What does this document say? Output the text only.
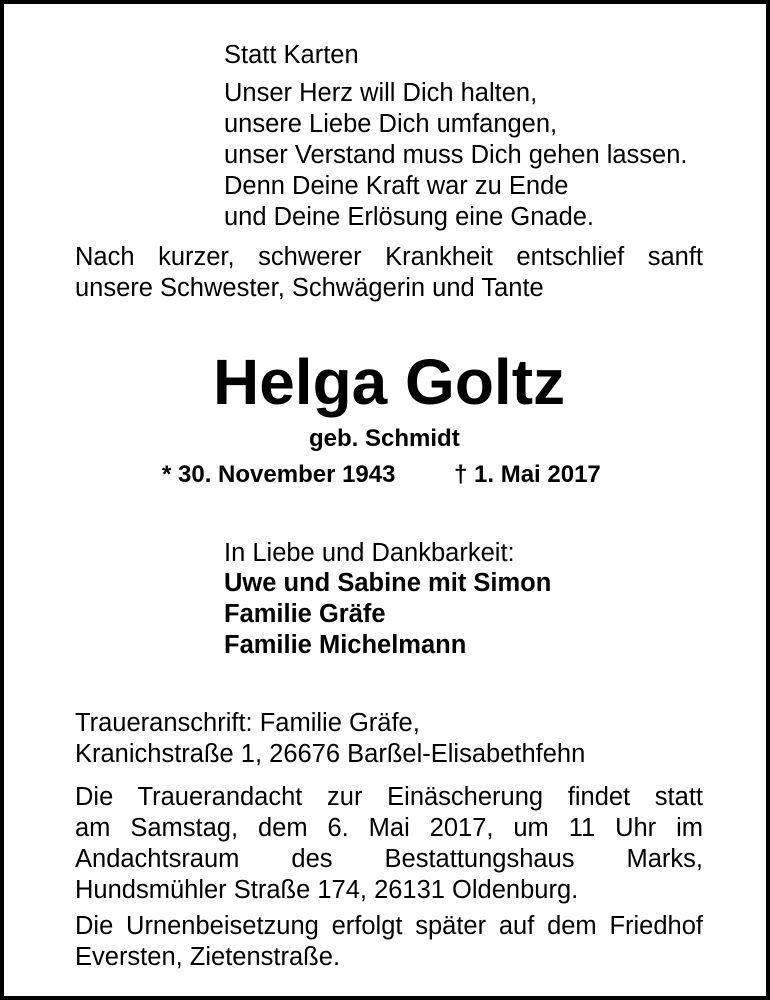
Statt Karten
Unser Herz will Dich halten,
unsere Liebe Dich umfangen,
unser Verstand muss Dich gehen lassen.
Denn Deine Kraft war zu Ende
und Deine Erlösung eine Gnade.
Nach kurzer, schwerer Krankheit entschlief sanft
unsere Schwester, Schwägerin und Tante
Helga Goltz
geb. Schmidt
* 30. November 1943 † 1. Mai 2017
In Liebe und Dankbarkeit:
Uwe und Sabine mit Simon
Familie Gräfe
Familie Michelmann
Traueranschrift: Familie Gräfe,
Kranichstraße 1, 26676 Barßel-Elisabethfehn
Die Trauerandacht zur Einäscherung findet statt
am Samstag, dem 6. Mai 2017, um 11 Uhr im
Andachtsraum des Bestattungshaus Marks,
Hundsmühler Straße 174, 26131 Oldenburg.
Die Urnenbeisetzung erfolgt später auf dem Friedhof
Eversten, Zietenstraße.
